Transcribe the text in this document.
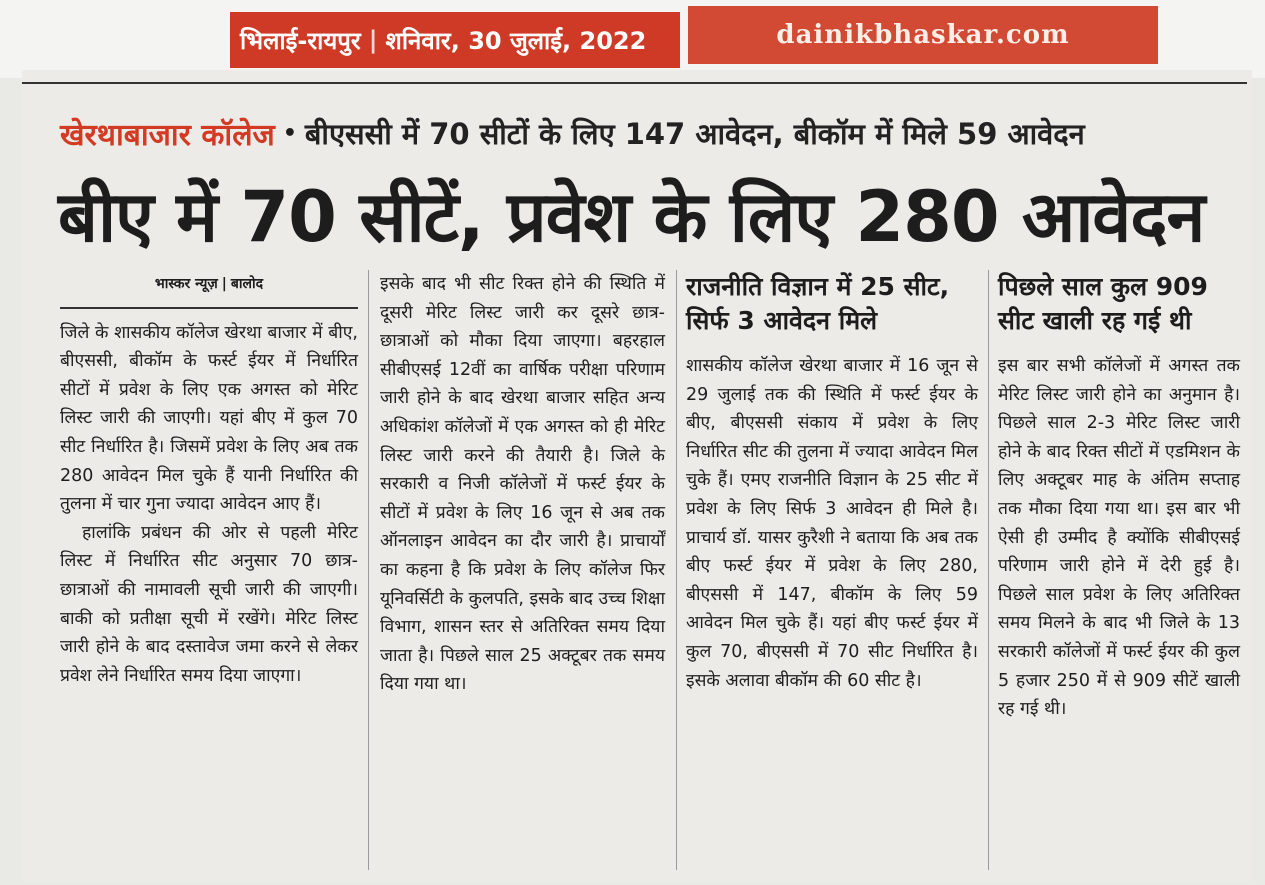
भिलाई-रायपुर | शनिवार, 30 जुलाई, 2022	dainikbhaskar.com
खेरथाबाजार कॉलेज • बीएससी में 70 सीटों के लिए 147 आवेदन, बीकॉम में मिले 59 आवेदन
बीए में 70 सीटें, प्रवेश के लिए 280 आवेदन
भास्कर न्यूज़ | बालोद

जिले के शासकीय कॉलेज खेरथा बाजार में बीए, बीएससी, बीकॉम के फर्स्ट ईयर में निर्धारित सीटों में प्रवेश के लिए एक अगस्त को मेरिट लिस्ट जारी की जाएगी। यहां बीए में कुल 70 सीट निर्धारित है। जिसमें प्रवेश के लिए अब तक 280 आवेदन मिल चुके हैं यानी निर्धारित की तुलना में चार गुना ज्यादा आवेदन आए हैं।

हालांकि प्रबंधन की ओर से पहली मेरिट लिस्ट में निर्धारित सीट अनुसार 70 छात्र-छात्राओं की नामावली सूची जारी की जाएगी। बाकी को प्रतीक्षा सूची में रखेंगे। मेरिट लिस्ट जारी होने के बाद दस्तावेज जमा करने से लेकर प्रवेश लेने निर्धारित समय दिया जाएगा।

इसके बाद भी सीट रिक्त होने की स्थिति में दूसरी मेरिट लिस्ट जारी कर दूसरे छात्र-छात्राओं को मौका दिया जाएगा। बहरहाल सीबीएसई 12वीं का वार्षिक परीक्षा परिणाम जारी होने के बाद खेरथा बाजार सहित अन्य अधिकांश कॉलेजों में एक अगस्त को ही मेरिट लिस्ट जारी करने की तैयारी है। जिले के सरकारी व निजी कॉलेजों में फर्स्ट ईयर के सीटों में प्रवेश के लिए 16 जून से अब तक ऑनलाइन आवेदन का दौर जारी है। प्राचार्यों का कहना है कि प्रवेश के लिए कॉलेज फिर यूनिवर्सिटी के कुलपति, इसके बाद उच्च शिक्षा विभाग, शासन स्तर से अतिरिक्त समय दिया जाता है। पिछले साल 25 अक्टूबर तक समय दिया गया था।

राजनीति विज्ञान में 25 सीट, सिर्फ 3 आवेदन मिले

शासकीय कॉलेज खेरथा बाजार में 16 जून से 29 जुलाई तक की स्थिति में फर्स्ट ईयर के बीए, बीएससी संकाय में प्रवेश के लिए निर्धारित सीट की तुलना में ज्यादा आवेदन मिल चुके हैं। एमए राजनीति विज्ञान के 25 सीट में प्रवेश के लिए सिर्फ 3 आवेदन ही मिले है। प्राचार्य डॉ. यासर कुरैशी ने बताया कि अब तक बीए फर्स्ट ईयर में प्रवेश के लिए 280, बीएससी में 147, बीकॉम के लिए 59 आवेदन मिल चुके हैं। यहां बीए फर्स्ट ईयर में कुल 70, बीएससी में 70 सीट निर्धारित है। इसके अलावा बीकॉम की 60 सीट है।

पिछले साल कुल 909 सीट खाली रह गई थी

इस बार सभी कॉलेजों में अगस्त तक मेरिट लिस्ट जारी होने का अनुमान है। पिछले साल 2-3 मेरिट लिस्ट जारी होने के बाद रिक्त सीटों में एडमिशन के लिए अक्टूबर माह के अंतिम सप्ताह तक मौका दिया गया था। इस बार भी ऐसी ही उम्मीद है क्योंकि सीबीएसई परिणाम जारी होने में देरी हुई है। पिछले साल प्रवेश के लिए अतिरिक्त समय मिलने के बाद भी जिले के 13 सरकारी कॉलेजों में फर्स्ट ईयर की कुल 5 हजार 250 में से 909 सीटें खाली रह गई थी।
